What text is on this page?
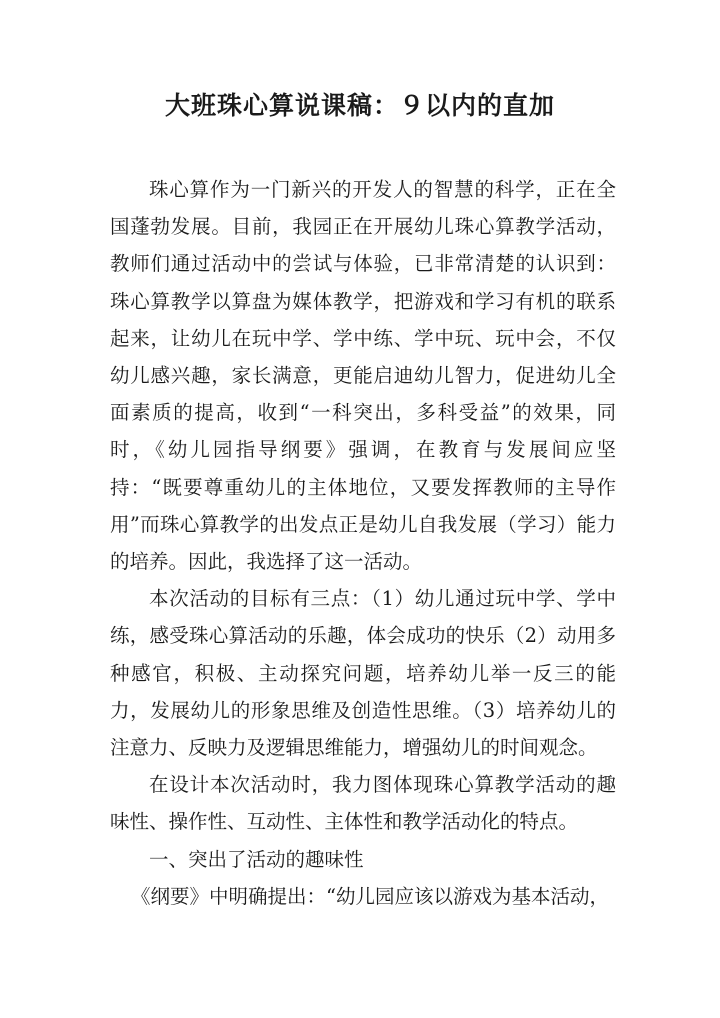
大班珠心算说课稿：９以内的直加

珠心算作为一门新兴的开发人的智慧的科学，正在全国蓬勃发展。目前，我园正在开展幼儿珠心算教学活动，教师们通过活动中的尝试与体验，已非常清楚的认识到：珠心算教学以算盘为媒体教学，把游戏和学习有机的联系起来，让幼儿在玩中学、学中练、学中玩、玩中会，不仅幼儿感兴趣，家长满意，更能启迪幼儿智力，促进幼儿全面素质的提高，收到“一科突出，多科受益”的效果，同时，《幼儿园指导纲要》强调，在教育与发展间应坚持：“既要尊重幼儿的主体地位，又要发挥教师的主导作用”而珠心算教学的出发点正是幼儿自我发展（学习）能力的培养。因此，我选择了这一活动。

本次活动的目标有三点：（1）幼儿通过玩中学、学中练，感受珠心算活动的乐趣，体会成功的快乐（2）动用多种感官，积极、主动探究问题，培养幼儿举一反三的能力，发展幼儿的形象思维及创造性思维。（3）培养幼儿的注意力、反映力及逻辑思维能力，增强幼儿的时间观念。

在设计本次活动时，我力图体现珠心算教学活动的趣味性、操作性、互动性、主体性和教学活动化的特点。

一、突出了活动的趣味性

《纲要》中明确提出：“幼儿园应该以游戏为基本活动，
